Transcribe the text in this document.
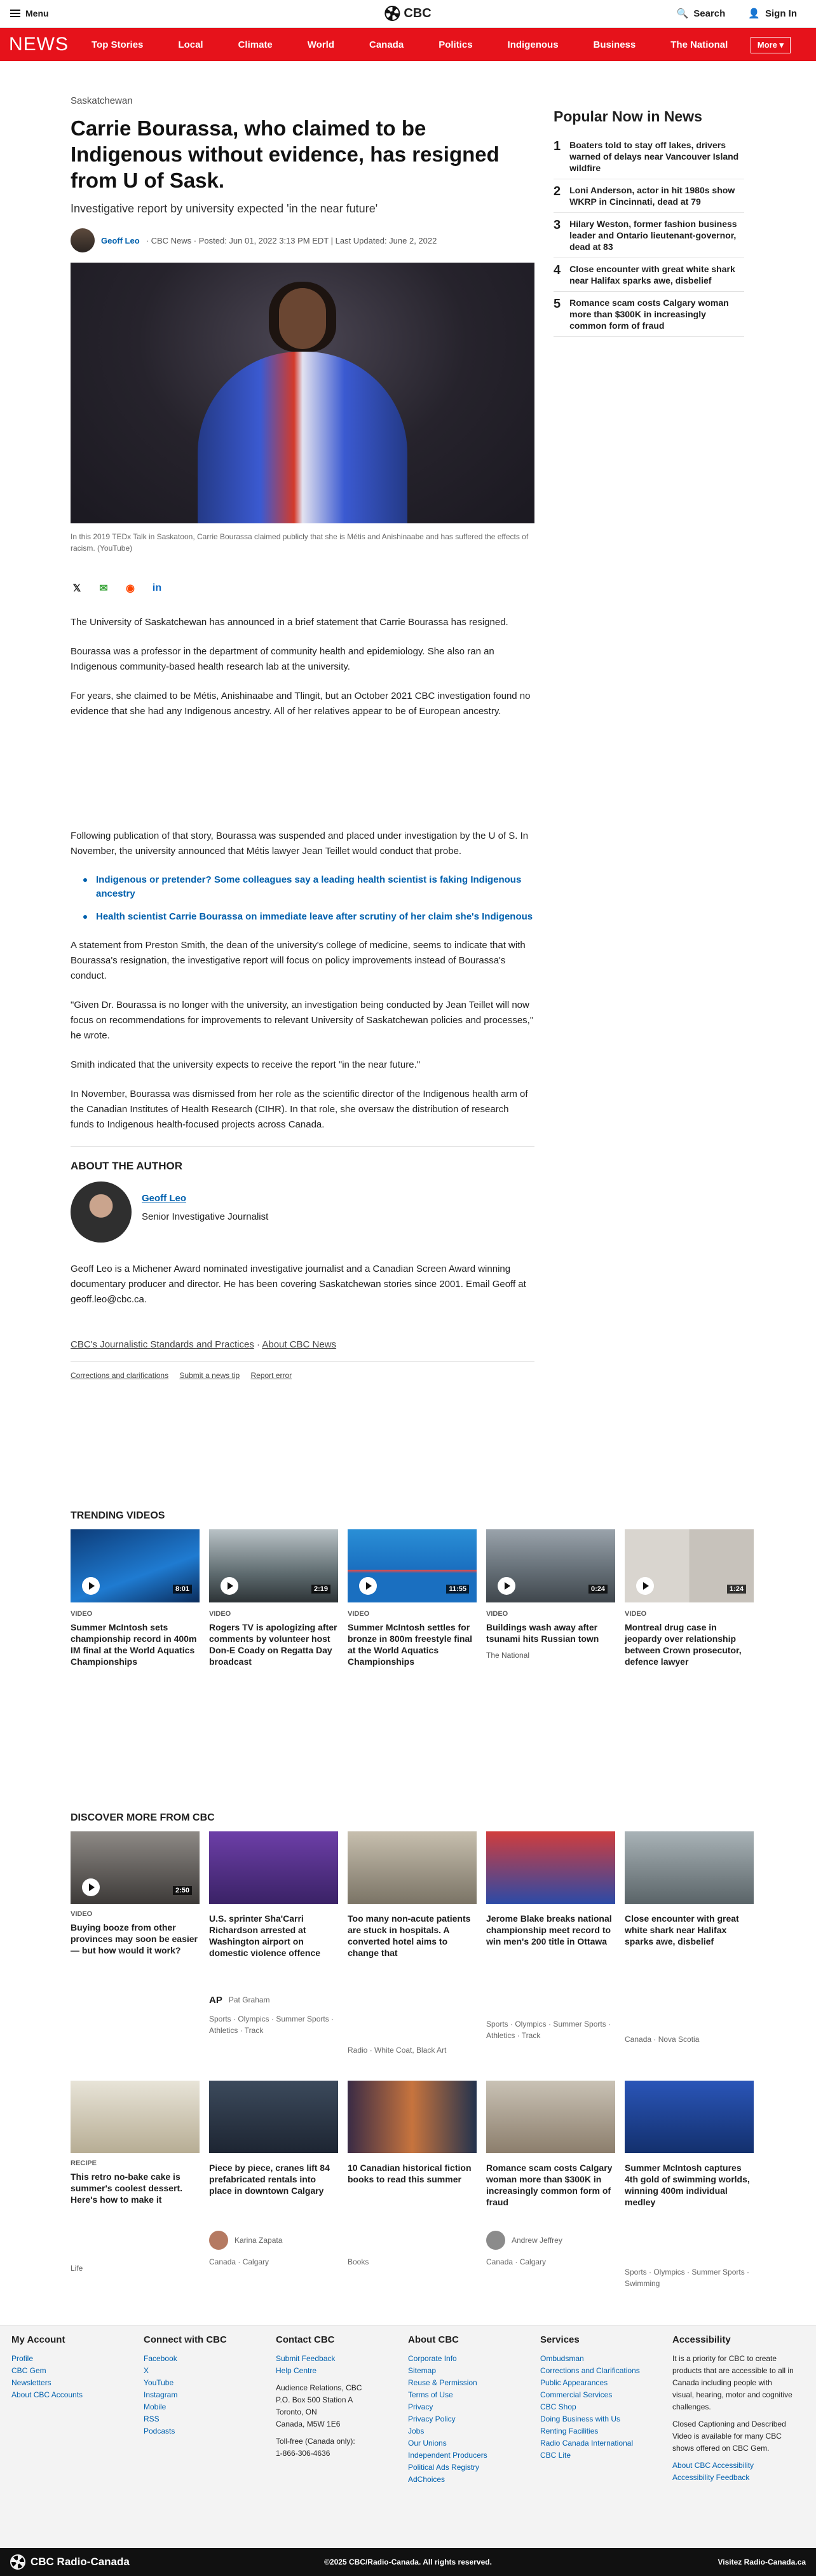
Menu	CBC	🔍 Search 👤 Sign In
NEWS Top Stories	Local	Climate	World	Canada	Politics	Indigenous	Business	The National	More ▾
Saskatchewan
Carrie Bourassa, who claimed to be Indigenous without evidence, has resigned from U of Sask.
Investigative report by university expected 'in the near future'
Geoff Leo · CBC News · Posted: Jun 01, 2022 3:13 PM EDT | Last Updated: June 2, 2022
In this 2019 TEDx Talk in Saskatoon, Carrie Bourassa claimed publicly that she is Métis and Anishinaabe and has suffered the effects of racism. (YouTube)
𝕏 ✉ ◉ in

The University of Saskatchewan has announced in a brief statement that Carrie Bourassa has resigned.

Bourassa was a professor in the department of community health and epidemiology. She also ran an Indigenous community-based health research lab at the university.

For years, she claimed to be Métis, Anishinaabe and Tlingit, but an October 2021 CBC investigation found no evidence that she had any Indigenous ancestry. All of her relatives appear to be of European ancestry.

Following publication of that story, Bourassa was suspended and placed under investigation by the U of S. In November, the university announced that Métis lawyer Jean Teillet would conduct that probe.

Indigenous or pretender? Some colleagues say a leading health scientist is faking Indigenous ancestry
Health scientist Carrie Bourassa on immediate leave after scrutiny of her claim she's Indigenous

A statement from Preston Smith, the dean of the university's college of medicine, seems to indicate that with Bourassa's resignation, the investigative report will focus on policy improvements instead of Bourassa's conduct.

"Given Dr. Bourassa is no longer with the university, an investigation being conducted by Jean Teillet will now focus on recommendations for improvements to relevant University of Saskatchewan policies and processes," he wrote.

Smith indicated that the university expects to receive the report "in the near future."

In November, Bourassa was dismissed from her role as the scientific director of the Indigenous health arm of the Canadian Institutes of Health Research (CIHR). In that role, she oversaw the distribution of research funds to Indigenous health-focused projects across Canada.

ABOUT THE AUTHOR
Geoff Leo
Senior Investigative Journalist
Geoff Leo is a Michener Award nominated investigative journalist and a Canadian Screen Award winning documentary producer and director. He has been covering Saskatchewan stories since 2001. Email Geoff at geoff.leo@cbc.ca.
CBC's Journalistic Standards and Practices · About CBC News
Corrections and clarifications Submit a news tip Report error
Popular Now in News
1 Boaters told to stay off lakes, drivers warned of delays near Vancouver Island wildfire
2 Loni Anderson, actor in hit 1980s show WKRP in Cincinnati, dead at 79
3 Hilary Weston, former fashion business leader and Ontario lieutenant-governor, dead at 83
4 Close encounter with great white shark near Halifax sparks awe, disbelief
5 Romance scam costs Calgary woman more than $300K in increasingly common form of fraud
TRENDING VIDEOS
8:01
VIDEO
Summer McIntosh sets championship record in 400m IM final at the World Aquatics Championships
2:19
VIDEO
Rogers TV is apologizing after comments by volunteer host Don-E Coady on Regatta Day broadcast
11:55
VIDEO
Summer McIntosh settles for bronze in 800m freestyle final at the World Aquatics Championships
0:24
VIDEO
Buildings wash away after tsunami hits Russian town
The National
1:24
VIDEO
Montreal drug case in jeopardy over relationship between Crown prosecutor, defence lawyer
DISCOVER MORE FROM CBC
2:50
VIDEO
Buying booze from other provinces may soon be easier — but how would it work?
U.S. sprinter Sha'Carri Richardson arrested at Washington airport on domestic violence offence
AP Pat Graham
Sports · Olympics · Summer Sports · Athletics · Track
Too many non-acute patients are stuck in hospitals. A converted hotel aims to change that
Radio · White Coat, Black Art
Jerome Blake breaks national championship meet record to win men's 200 title in Ottawa
Sports · Olympics · Summer Sports · Athletics · Track
Close encounter with great white shark near Halifax sparks awe, disbelief
Canada · Nova Scotia
RECIPE
This retro no-bake cake is summer's coolest dessert. Here's how to make it
Life
Piece by piece, cranes lift 84 prefabricated rentals into place in downtown Calgary
Karina Zapata
Canada · Calgary
10 Canadian historical fiction books to read this summer
Books
Romance scam costs Calgary woman more than $300K in increasingly common form of fraud
Andrew Jeffrey
Canada · Calgary
Summer McIntosh captures 4th gold of swimming worlds, winning 400m individual medley
Sports · Olympics · Summer Sports · Swimming
My Account
Profile
CBC Gem
Newsletters
About CBC Accounts
Connect with CBC
Facebook
X
YouTube
Instagram
Mobile
RSS
Podcasts
Contact CBC
Submit Feedback
Help Centre
Audience Relations, CBC
P.O. Box 500 Station A
Toronto, ON
Canada, M5W 1E6
Toll-free (Canada only):
1-866-306-4636
About CBC
Corporate Info
Sitemap
Reuse & Permission
Terms of Use
Privacy
Privacy Policy
Jobs
Our Unions
Independent Producers
Political Ads Registry
AdChoices
Services
Ombudsman
Corrections and Clarifications
Public Appearances
Commercial Services
CBC Shop
Doing Business with Us
Renting Facilities
Radio Canada International
CBC Lite
Accessibility
It is a priority for CBC to create products that are accessible to all in Canada including people with visual, hearing, motor and cognitive challenges.
Closed Captioning and Described Video is available for many CBC shows offered on CBC Gem.
About CBC Accessibility
Accessibility Feedback
CBC Radio-Canada	©2025 CBC/Radio-Canada. All rights reserved.	Visitez Radio-Canada.ca
